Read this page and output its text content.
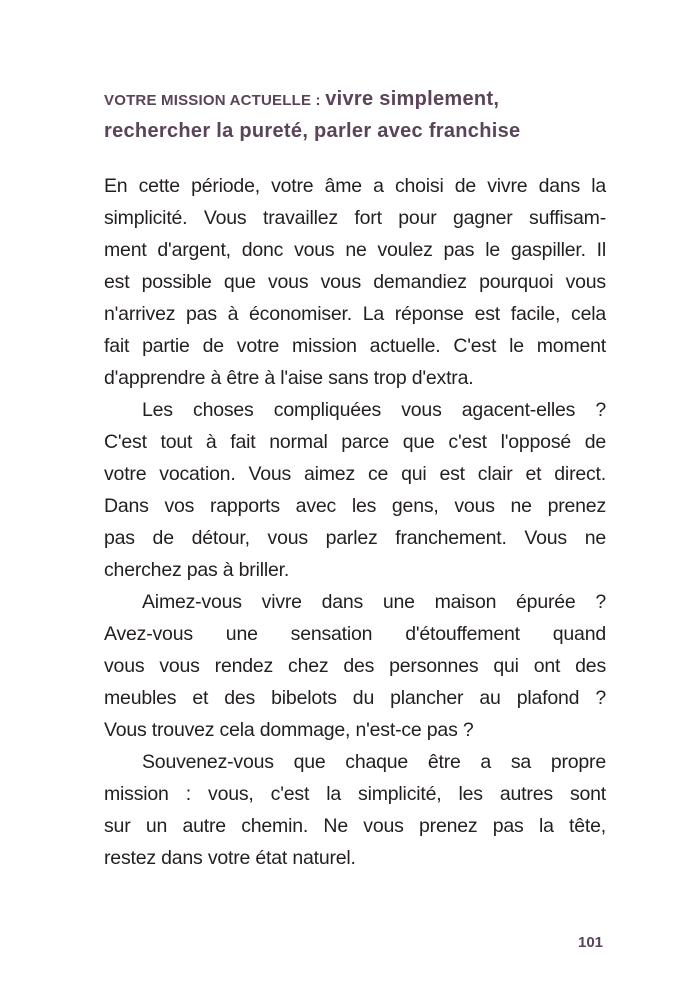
VOTRE MISSION ACTUELLE : vivre simplement,
rechercher la pureté, parler avec franchise
En cette période, votre âme a choisi de vivre dans la
simplicité. Vous travaillez fort pour gagner suffisam-
ment d'argent, donc vous ne voulez pas le gaspiller. Il
est possible que vous vous demandiez pourquoi vous
n'arrivez pas à économiser. La réponse est facile, cela
fait partie de votre mission actuelle. C'est le moment
d'apprendre à être à l'aise sans trop d'extra.
Les choses compliquées vous agacent-elles ?
C'est tout à fait normal parce que c'est l'opposé de
votre vocation. Vous aimez ce qui est clair et direct.
Dans vos rapports avec les gens, vous ne prenez
pas de détour, vous parlez franchement. Vous ne
cherchez pas à briller.
Aimez-vous vivre dans une maison épurée ?
Avez-vous une sensation d'étouffement quand
vous vous rendez chez des personnes qui ont des
meubles et des bibelots du plancher au plafond ?
Vous trouvez cela dommage, n'est-ce pas ?
Souvenez-vous que chaque être a sa propre
mission : vous, c'est la simplicité, les autres sont
sur un autre chemin. Ne vous prenez pas la tête,
restez dans votre état naturel.
101
